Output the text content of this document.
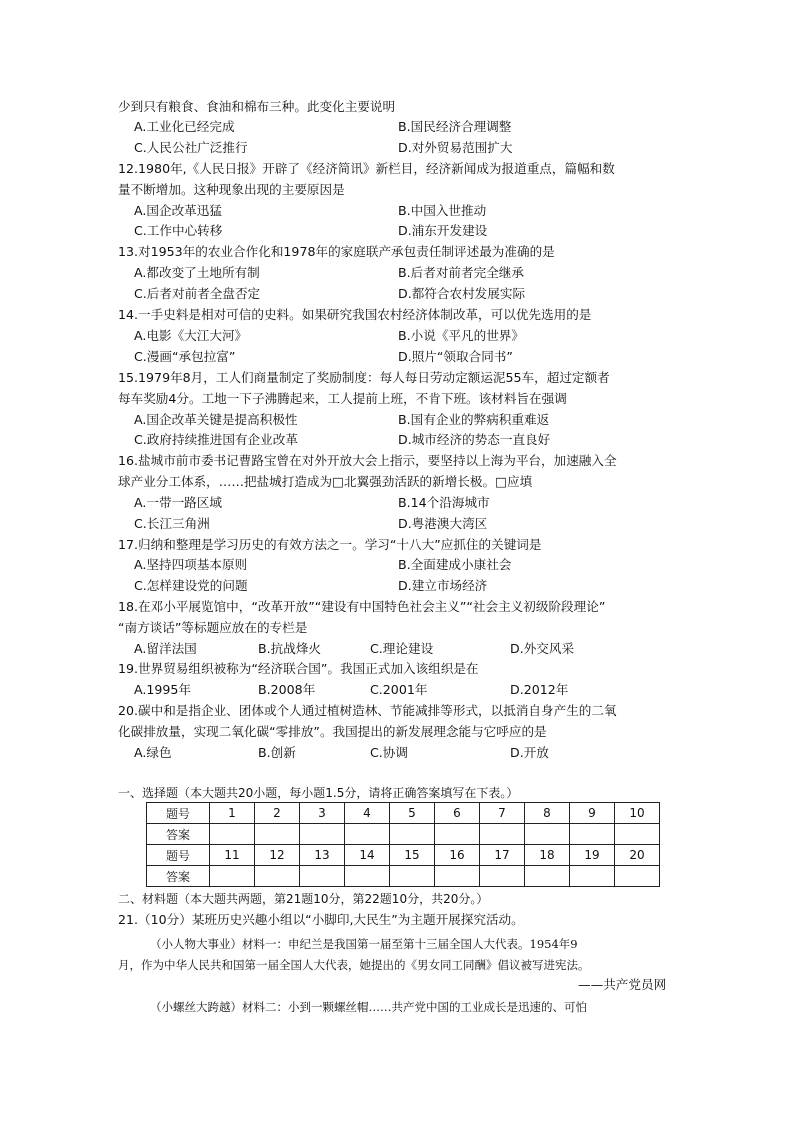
少到只有粮食、食油和棉布三种。此变化主要说明
A.工业化已经完成	B.国民经济合理调整
C.人民公社广泛推行	D.对外贸易范围扩大
12.1980年,《人民日报》开辟了《经济简讯》新栏目，经济新闻成为报道重点，篇幅和数
量不断增加。这种现象出现的主要原因是
A.国企改革迅猛	B.中国入世推动
C.工作中心转移	D.浦东开发建设
13.对1953年的农业合作化和1978年的家庭联产承包责任制评述最为准确的是
A.都改变了土地所有制	B.后者对前者完全继承
C.后者对前者全盘否定	D.都符合农村发展实际
14.一手史料是相对可信的史料。如果研究我国农村经济体制改革，可以优先选用的是
A.电影《大江大河》	B.小说《平凡的世界》
C.漫画“承包拉富”	D.照片“领取合同书”
15.1979年8月，工人们商量制定了奖励制度：每人每日劳动定额运泥55车，超过定额者
每车奖励4分。工地一下子沸腾起来，工人提前上班，不肯下班。该材料旨在强调
A.国企改革关键是提高积极性	B.国有企业的弊病积重难返
C.政府持续推进国有企业改革	D.城市经济的势态一直良好
16.盐城市前市委书记曹路宝曾在对外开放大会上指示，要坚持以上海为平台，加速融入全
球产业分工体系，……把盐城打造成为□北翼强劲活跃的新增长极。□应填
A.一带一路区域	B.14个沿海城市
C.长江三角洲	D.粤港澳大湾区
17.归纳和整理是学习历史的有效方法之一。学习“十八大”应抓住的关键词是
A.坚持四项基本原则	B.全面建成小康社会
C.怎样建设党的问题	D.建立市场经济
18.在邓小平展览馆中，“改革开放”“建设有中国特色社会主义”“社会主义初级阶段理论”
“南方谈话”等标题应放在的专栏是
A.留洋法国	B.抗战烽火	C.理论建设	D.外交风采
19.世界贸易组织被称为“经济联合国”。我国正式加入该组织是在
A.1995年	B.2008年	C.2001年	D.2012年
20.碳中和是指企业、团体或个人通过植树造林、节能减排等形式，以抵消自身产生的二氧
化碳排放量，实现二氧化碳“零排放”。我国提出的新发展理念能与它呼应的是
A.绿色	B.创新	C.协调	D.开放
一、选择题（本大题共20小题，每小题1.5分，请将正确答案填写在下表。）
题号	1	2	3	4	5	6	7	8	9	10
答案										
题号	11	12	13	14	15	16	17	18	19	20
答案										
二、材料题（本大题共两题，第21题10分，第22题10分，共20分。）
21.（10分）某班历史兴趣小组以“小脚印,大民生”为主题开展探究活动。
（小人物大事业）材料一：申纪兰是我国第一届至第十三届全国人大代表。1954年9
月，作为中华人民共和国第一届全国人大代表，她提出的《男女同工同酬》倡议被写进宪法。
——共产党员网
（小螺丝大跨越）材料二：小到一颗螺丝帽……共产党中国的工业成长是迅速的、可怕
